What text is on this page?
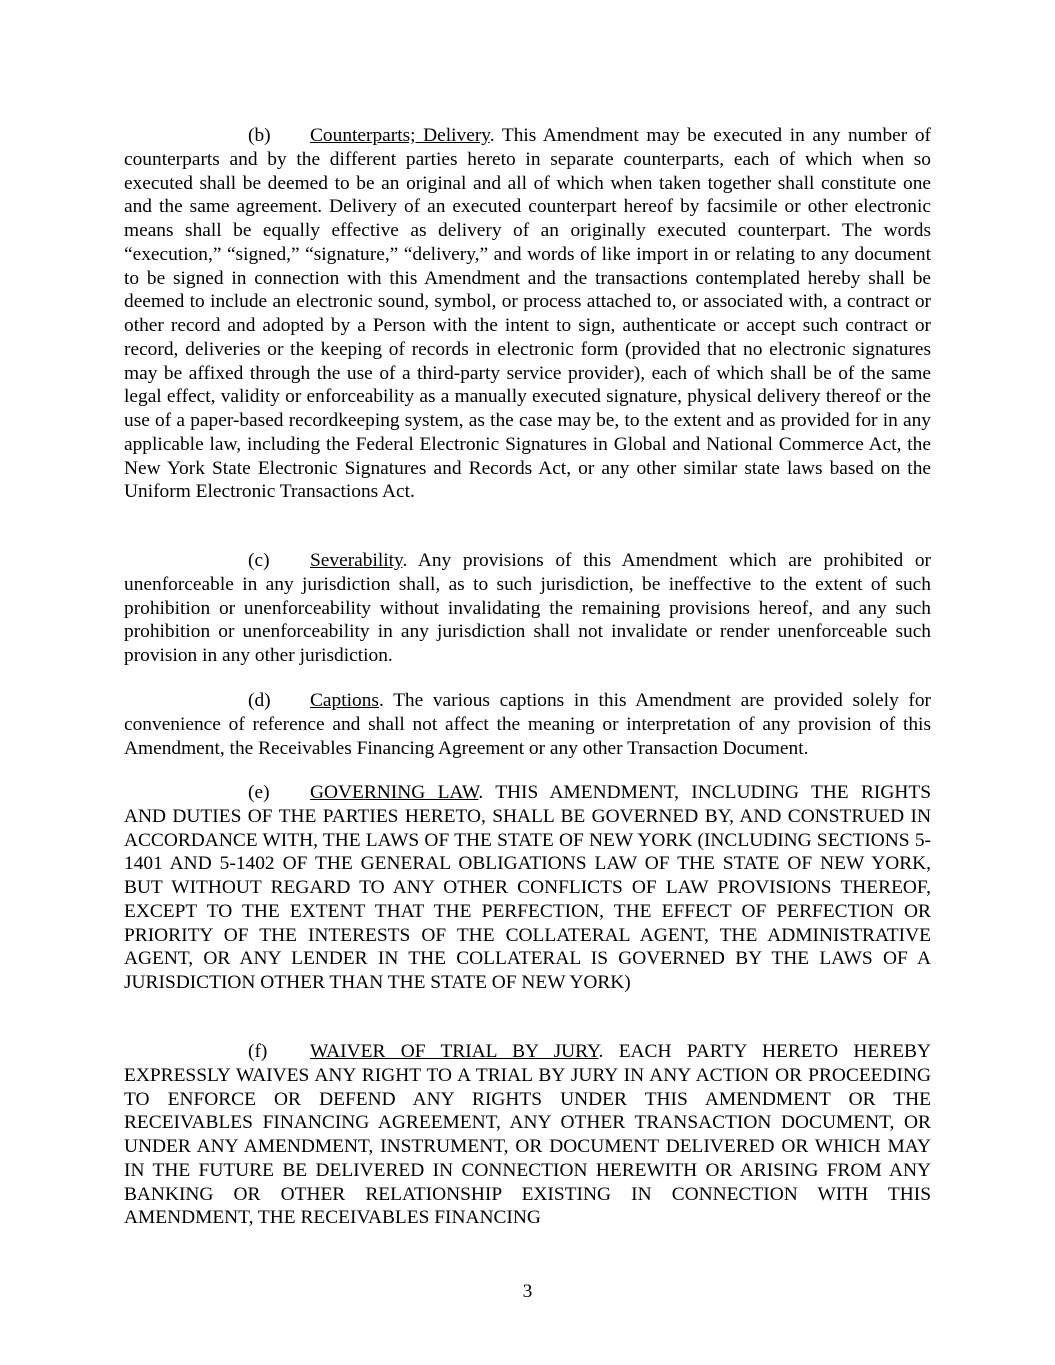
(b) Counterparts; Delivery. This Amendment may be executed in any number of counterparts and by the different parties hereto in separate counterparts, each of which when so executed shall be deemed to be an original and all of which when taken together shall constitute one and the same agreement. Delivery of an executed counterpart hereof by facsimile or other electronic means shall be equally effective as delivery of an originally executed counterpart. The words “execution,” “signed,” “signature,” “delivery,” and words of like import in or relating to any document to be signed in connection with this Amendment and the transactions contemplated hereby shall be deemed to include an electronic sound, symbol, or process attached to, or associated with, a contract or other record and adopted by a Person with the intent to sign, authenticate or accept such contract or record, deliveries or the keeping of records in electronic form (provided that no electronic signatures may be affixed through the use of a third-party service provider), each of which shall be of the same legal effect, validity or enforceability as a manually executed signature, physical delivery thereof or the use of a paper-based recordkeeping system, as the case may be, to the extent and as provided for in any applicable law, including the Federal Electronic Signatures in Global and National Commerce Act, the New York State Electronic Signatures and Records Act, or any other similar state laws based on the Uniform Electronic Transactions Act.

(c) Severability. Any provisions of this Amendment which are prohibited or unenforceable in any jurisdiction shall, as to such jurisdiction, be ineffective to the extent of such prohibition or unenforceability without invalidating the remaining provisions hereof, and any such prohibition or unenforceability in any jurisdiction shall not invalidate or render unenforceable such provision in any other jurisdiction.

(d) Captions. The various captions in this Amendment are provided solely for convenience of reference and shall not affect the meaning or interpretation of any provision of this Amendment, the Receivables Financing Agreement or any other Transaction Document.

(e) GOVERNING LAW. THIS AMENDMENT, INCLUDING THE RIGHTS AND DUTIES OF THE PARTIES HERETO, SHALL BE GOVERNED BY, AND CONSTRUED IN ACCORDANCE WITH, THE LAWS OF THE STATE OF NEW YORK (INCLUDING SECTIONS 5-1401 AND 5-1402 OF THE GENERAL OBLIGATIONS LAW OF THE STATE OF NEW YORK, BUT WITHOUT REGARD TO ANY OTHER CONFLICTS OF LAW PROVISIONS THEREOF, EXCEPT TO THE EXTENT THAT THE PERFECTION, THE EFFECT OF PERFECTION OR PRIORITY OF THE INTERESTS OF THE COLLATERAL AGENT, THE ADMINISTRATIVE AGENT, OR ANY LENDER IN THE COLLATERAL IS GOVERNED BY THE LAWS OF A JURISDICTION OTHER THAN THE STATE OF NEW YORK)

(f) WAIVER OF TRIAL BY JURY. EACH PARTY HERETO HEREBY EXPRESSLY WAIVES ANY RIGHT TO A TRIAL BY JURY IN ANY ACTION OR PROCEEDING TO ENFORCE OR DEFEND ANY RIGHTS UNDER THIS AMENDMENT OR THE RECEIVABLES FINANCING AGREEMENT, ANY OTHER TRANSACTION DOCUMENT, OR UNDER ANY AMENDMENT, INSTRUMENT, OR DOCUMENT DELIVERED OR WHICH MAY IN THE FUTURE BE DELIVERED IN CONNECTION HEREWITH OR ARISING FROM ANY BANKING OR OTHER RELATIONSHIP EXISTING IN CONNECTION WITH THIS AMENDMENT, THE RECEIVABLES FINANCING

3
